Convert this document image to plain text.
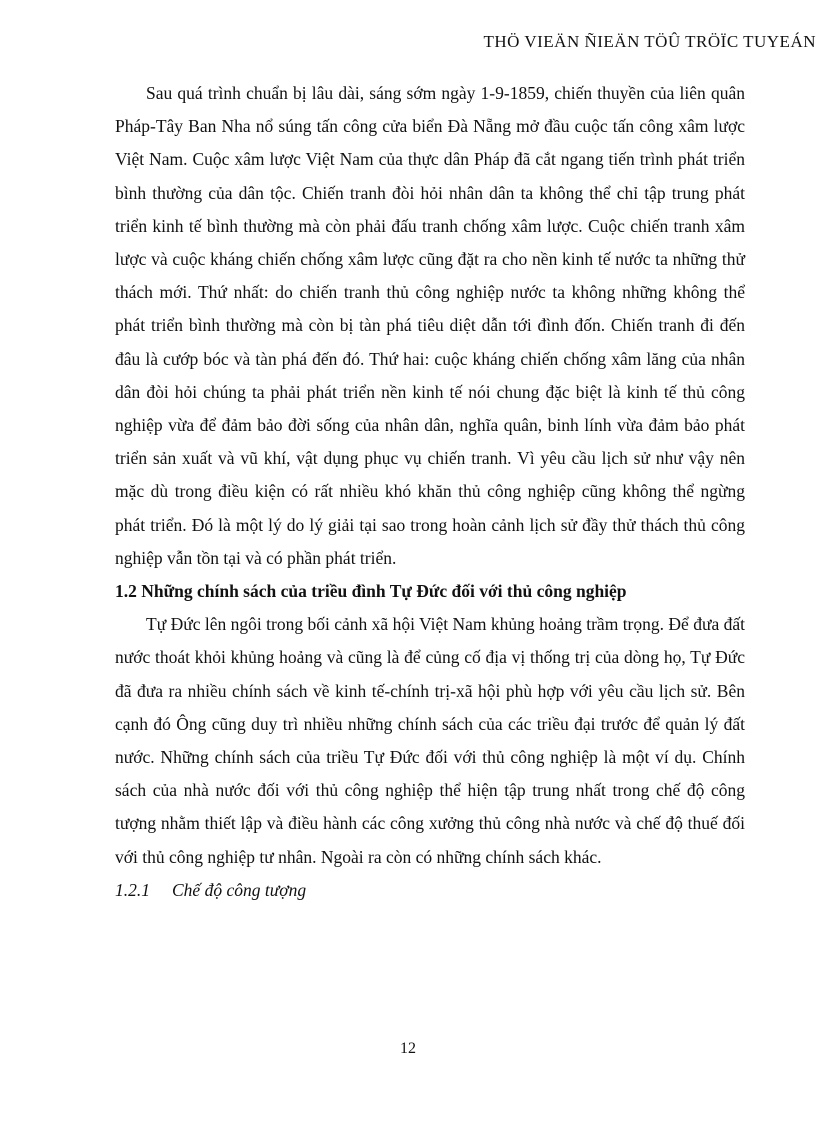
THÖ VIEÄN ÑIEÄN TÖÛ TRÖÏC TUYEÁN

Sau quá trình chuẩn bị lâu dài, sáng sớm ngày 1-9-1859, chiến thuyền của liên quân Pháp-Tây Ban Nha nổ súng tấn công cửa biển Đà Nẵng mở đầu cuộc tấn công xâm lược Việt Nam. Cuộc xâm lược Việt Nam của thực dân Pháp đã cắt ngang tiến trình phát triển bình thường của dân tộc. Chiến tranh đòi hỏi nhân dân ta không thể chỉ tập trung phát triển kinh tế bình thường mà còn phải đấu tranh chống xâm lược. Cuộc chiến tranh xâm lược và cuộc kháng chiến chống xâm lược cũng đặt ra cho nền kinh tế nước ta những thử thách mới. Thứ nhất: do chiến tranh thủ công nghiệp nước ta không những không thể phát triển bình thường mà còn bị tàn phá tiêu diệt dẫn tới đình đốn. Chiến tranh đi đến đâu là cướp bóc và tàn phá đến đó. Thứ hai: cuộc kháng chiến chống xâm lăng của nhân dân đòi hỏi chúng ta phải phát triển nền kinh tế nói chung đặc biệt là kinh tế thủ công nghiệp vừa để đảm bảo đời sống của nhân dân, nghĩa quân, binh lính vừa đảm bảo phát triển sản xuất và vũ khí, vật dụng phục vụ chiến tranh. Vì yêu cầu lịch sử như vậy nên mặc dù trong điều kiện có rất nhiều khó khăn thủ công nghiệp cũng không thể ngừng phát triển. Đó là một lý do lý giải tại sao trong hoàn cảnh lịch sử đầy thử thách thủ công nghiệp vẫn tồn tại và có phần phát triển.

1.2 Những chính sách của triều đình Tự Đức đối với thủ công nghiệp

Tự Đức lên ngôi trong bối cảnh xã hội Việt Nam khủng hoảng trầm trọng. Để đưa đất nước thoát khỏi khủng hoảng và cũng là để củng cố địa vị thống trị của dòng họ, Tự Đức đã đưa ra nhiều chính sách về kinh tế-chính trị-xã hội phù hợp với yêu cầu lịch sử. Bên cạnh đó Ông cũng duy trì nhiều những chính sách của các triều đại trước để quản lý đất nước. Những chính sách của triều Tự Đức đối với thủ công nghiệp là một ví dụ. Chính sách của nhà nước đối với thủ công nghiệp thể hiện tập trung nhất trong chế độ công tượng nhằm thiết lập và điều hành các công xưởng thủ công nhà nước và chế độ thuế đối với thủ công nghiệp tư nhân. Ngoài ra còn có những chính sách khác.

1.2.1 Chế độ công tượng

12
